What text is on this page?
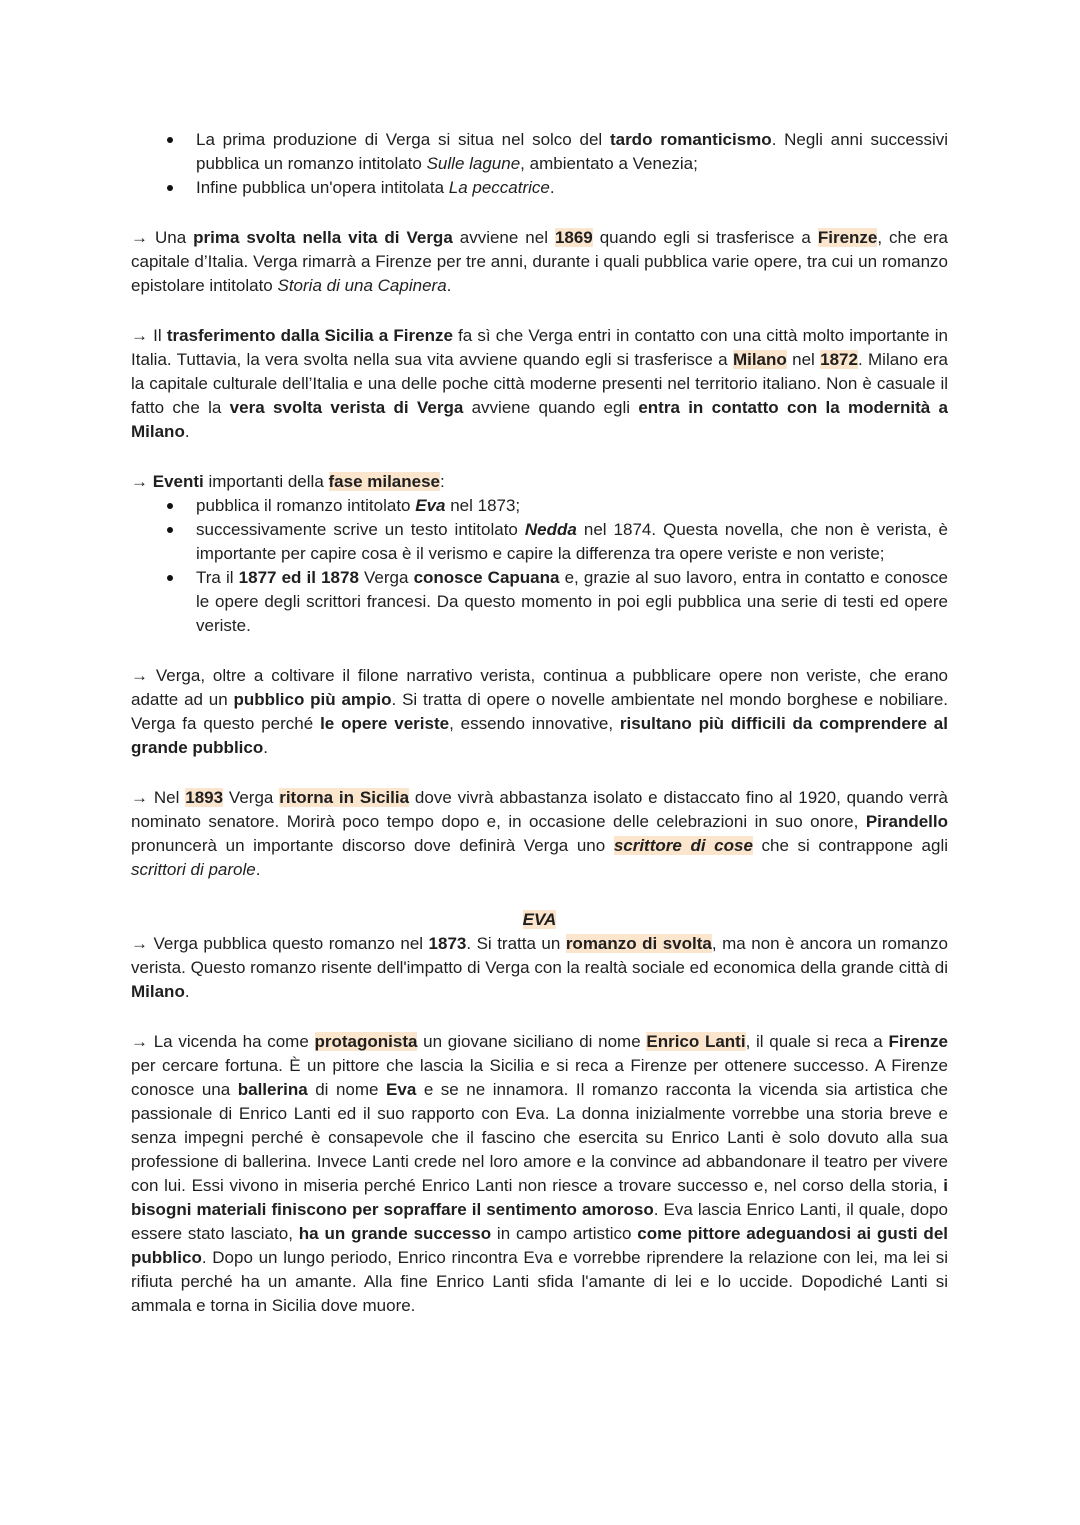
La prima produzione di Verga si situa nel solco del tardo romanticismo. Negli anni successivi pubblica un romanzo intitolato Sulle lagune, ambientato a Venezia;
Infine pubblica un'opera intitolata La peccatrice.

→ Una prima svolta nella vita di Verga avviene nel 1869 quando egli si trasferisce a Firenze, che era capitale d’Italia. Verga rimarrà a Firenze per tre anni, durante i quali pubblica varie opere, tra cui un romanzo epistolare intitolato Storia di una Capinera.

→ Il trasferimento dalla Sicilia a Firenze fa sì che Verga entri in contatto con una città molto importante in Italia. Tuttavia, la vera svolta nella sua vita avviene quando egli si trasferisce a Milano nel 1872. Milano era la capitale culturale dell’Italia e una delle poche città moderne presenti nel territorio italiano. Non è casuale il fatto che la vera svolta verista di Verga avviene quando egli entra in contatto con la modernità a Milano.

→ Eventi importanti della fase milanese:

pubblica il romanzo intitolato Eva nel 1873;
successivamente scrive un testo intitolato Nedda nel 1874. Questa novella, che non è verista, è importante per capire cosa è il verismo e capire la differenza tra opere veriste e non veriste;
Tra il 1877 ed il 1878 Verga conosce Capuana e, grazie al suo lavoro, entra in contatto e conosce le opere degli scrittori francesi. Da questo momento in poi egli pubblica una serie di testi ed opere veriste.

→ Verga, oltre a coltivare il filone narrativo verista, continua a pubblicare opere non veriste, che erano adatte ad un pubblico più ampio. Si tratta di opere o novelle ambientate nel mondo borghese e nobiliare. Verga fa questo perché le opere veriste, essendo innovative, risultano più difficili da comprendere al grande pubblico.

→ Nel 1893 Verga ritorna in Sicilia dove vivrà abbastanza isolato e distaccato fino al 1920, quando verrà nominato senatore. Morirà poco tempo dopo e, in occasione delle celebrazioni in suo onore, Pirandello pronuncerà un importante discorso dove definirà Verga uno scrittore di cose che si contrappone agli scrittori di parole.

EVA

→ Verga pubblica questo romanzo nel 1873. Si tratta un romanzo di svolta, ma non è ancora un romanzo verista. Questo romanzo risente dell'impatto di Verga con la realtà sociale ed economica della grande città di Milano.

→ La vicenda ha come protagonista un giovane siciliano di nome Enrico Lanti, il quale si reca a Firenze per cercare fortuna. È un pittore che lascia la Sicilia e si reca a Firenze per ottenere successo. A Firenze conosce una ballerina di nome Eva e se ne innamora. Il romanzo racconta la vicenda sia artistica che passionale di Enrico Lanti ed il suo rapporto con Eva. La donna inizialmente vorrebbe una storia breve e senza impegni perché è consapevole che il fascino che esercita su Enrico Lanti è solo dovuto alla sua professione di ballerina. Invece Lanti crede nel loro amore e la convince ad abbandonare il teatro per vivere con lui. Essi vivono in miseria perché Enrico Lanti non riesce a trovare successo e, nel corso della storia, i bisogni materiali finiscono per sopraffare il sentimento amoroso. Eva lascia Enrico Lanti, il quale, dopo essere stato lasciato, ha un grande successo in campo artistico come pittore adeguandosi ai gusti del pubblico. Dopo un lungo periodo, Enrico rincontra Eva e vorrebbe riprendere la relazione con lei, ma lei si rifiuta perché ha un amante. Alla fine Enrico Lanti sfida l'amante di lei e lo uccide. Dopodiché Lanti si ammala e torna in Sicilia dove muore.
